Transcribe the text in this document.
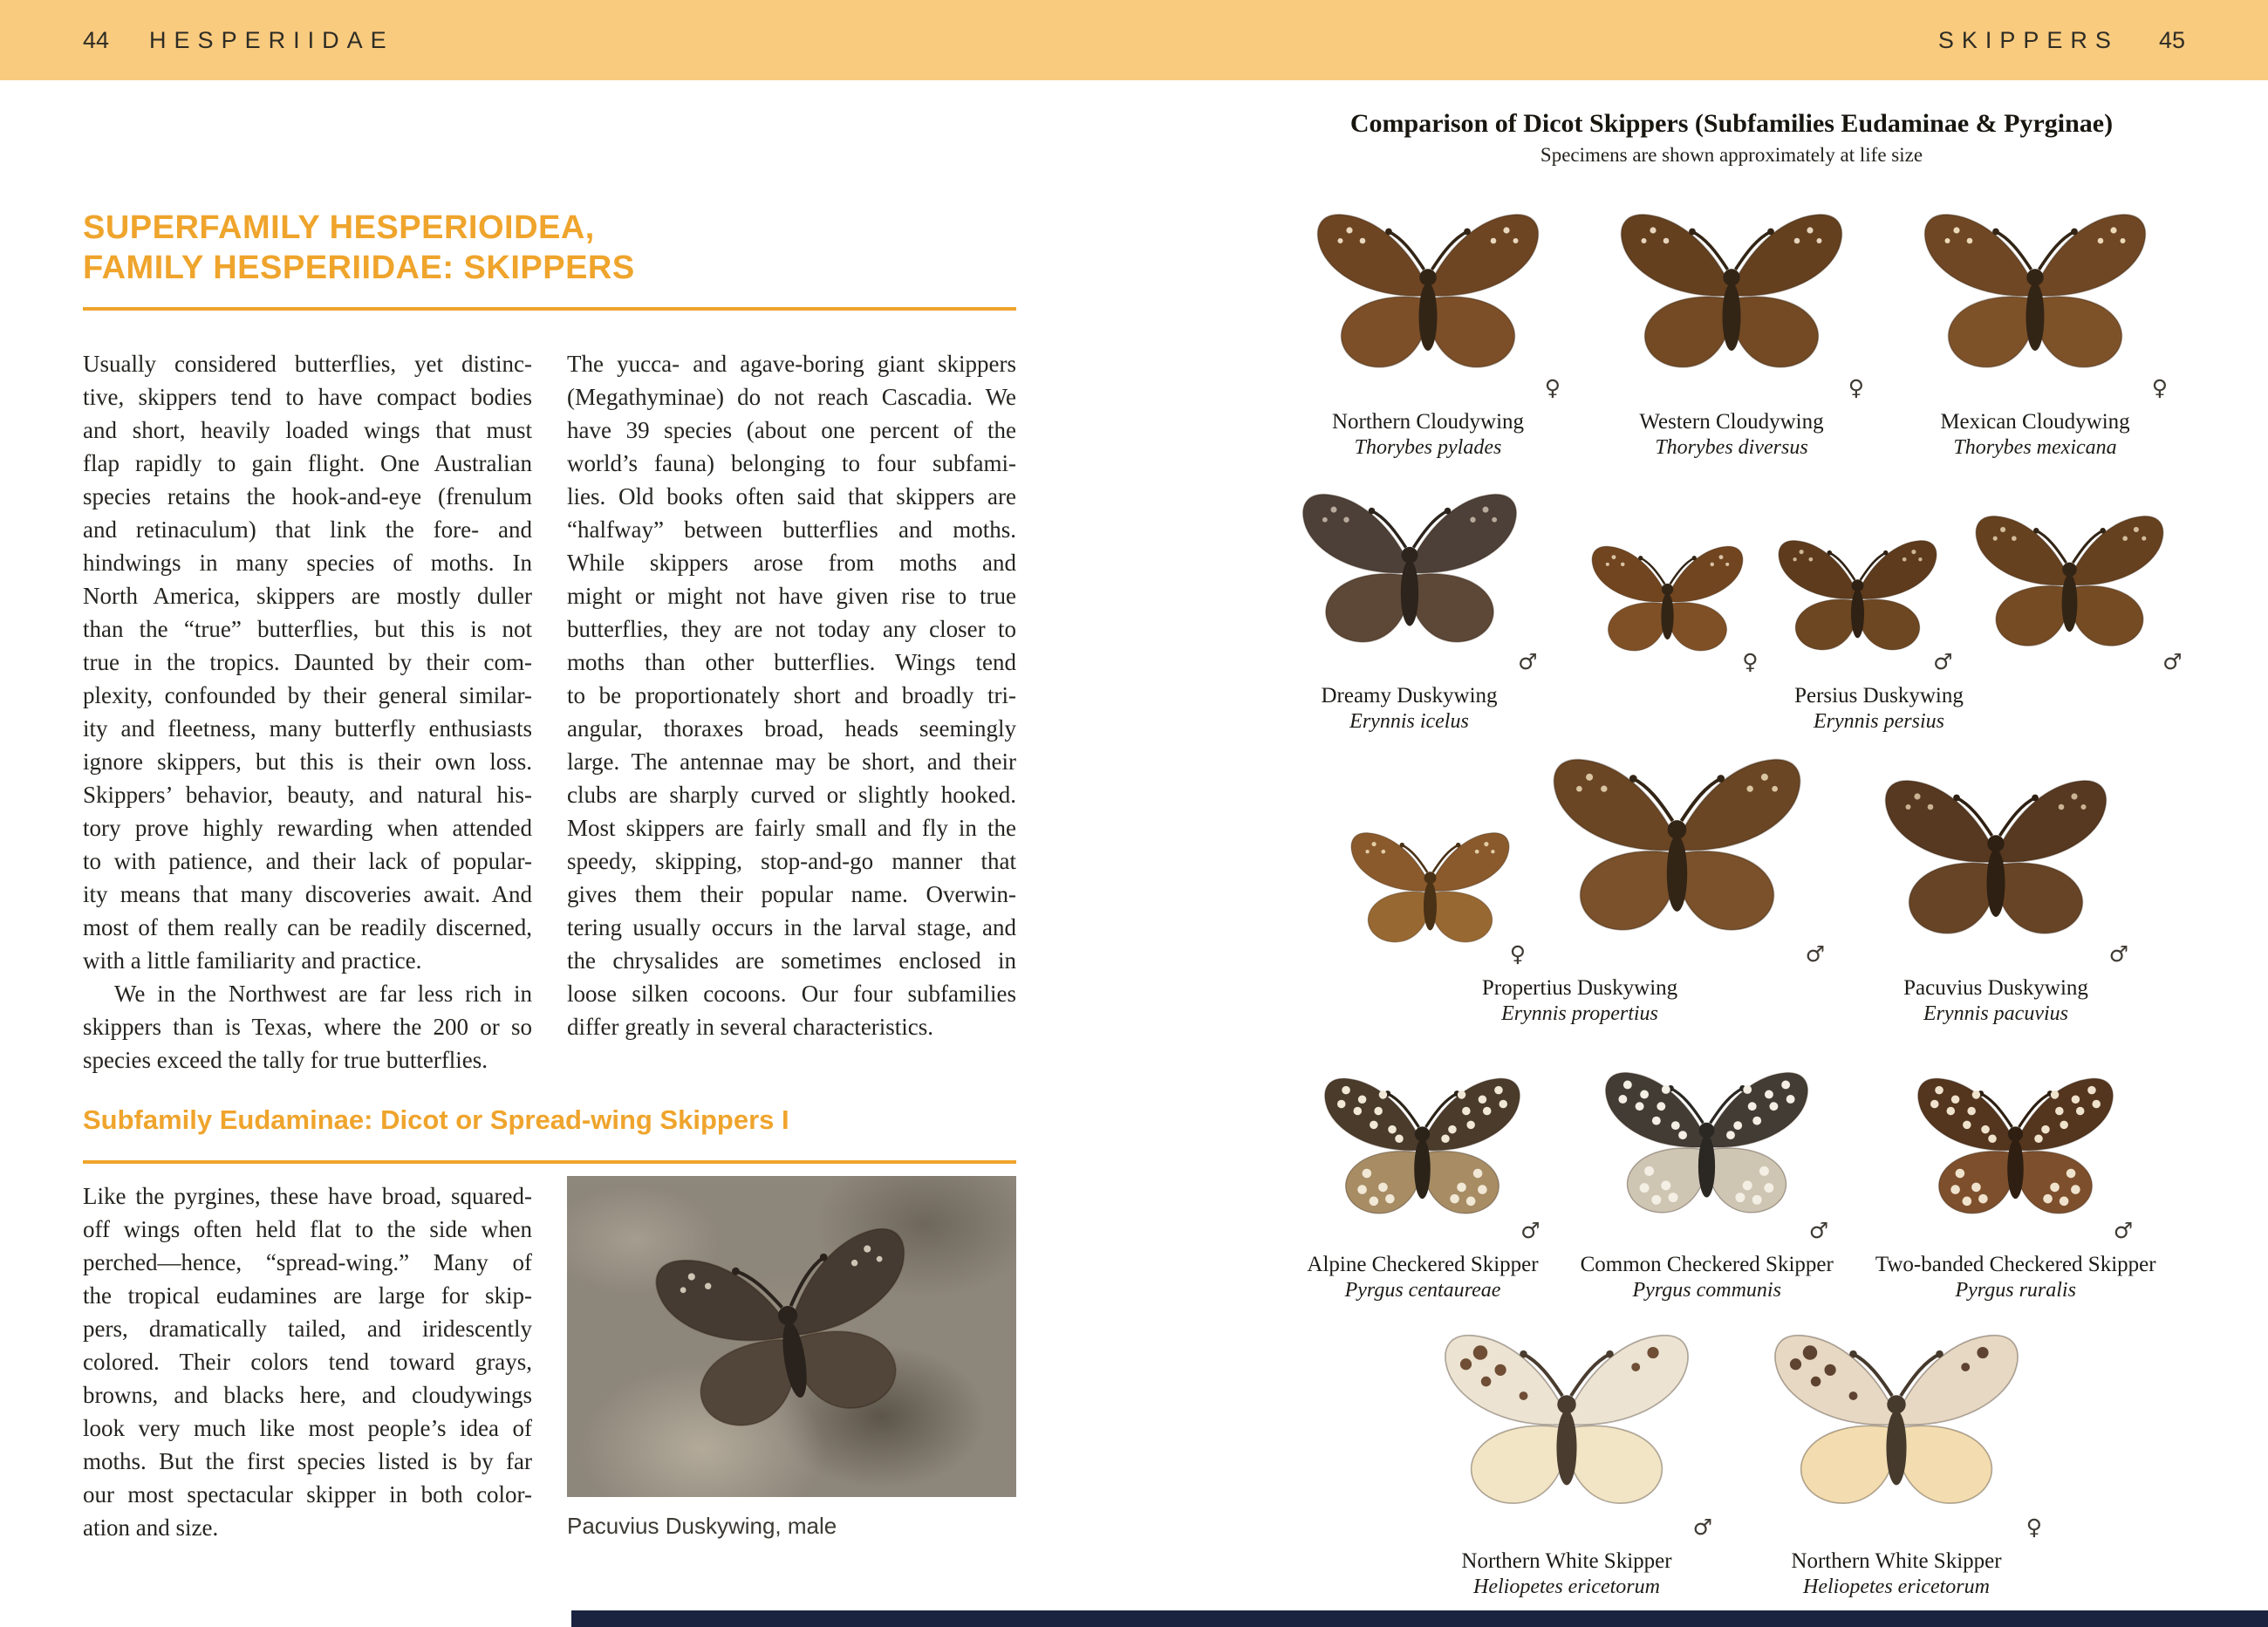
44 HESPERIIDAE	SKIPPERS 45
SUPERFAMILY HESPERIOIDEA,
FAMILY HESPERIIDAE: SKIPPERS
Usually considered butterflies, yet distinc-
tive, skippers tend to have compact bodies
and short, heavily loaded wings that must
flap rapidly to gain flight. One Australian
species retains the hook-and-eye (frenulum
and retinaculum) that link the fore- and
hindwings in many species of moths. In
North America, skippers are mostly duller
than the “true” butterflies, but this is not
true in the tropics. Daunted by their com-
plexity, confounded by their general similar-
ity and fleetness, many butterfly enthusiasts
ignore skippers, but this is their own loss.
Skippers’ behavior, beauty, and natural his-
tory prove highly rewarding when attended
to with patience, and their lack of popular-
ity means that many discoveries await. And
most of them really can be readily discerned,
with a little familiarity and practice.
We in the Northwest are far less rich in
skippers than is Texas, where the 200 or so
species exceed the tally for true butterflies.
The yucca- and agave-boring giant skippers
(Megathyminae) do not reach Cascadia. We
have 39 species (about one percent of the
world’s fauna) belonging to four subfami-
lies. Old books often said that skippers are
“halfway” between butterflies and moths.
While skippers arose from moths and
might or might not have given rise to true
butterflies, they are not today any closer to
moths than other butterflies. Wings tend
to be proportionately short and broadly tri-
angular, thoraxes broad, heads seemingly
large. The antennae may be short, and their
clubs are sharply curved or slightly hooked.
Most skippers are fairly small and fly in the
speedy, skipping, stop-and-go manner that
gives them their popular name. Overwin-
tering usually occurs in the larval stage, and
the chrysalides are sometimes enclosed in
loose silken cocoons. Our four subfamilies
differ greatly in several characteristics.
Subfamily Eudaminae: Dicot or Spread-wing Skippers I
Like the pyrgines, these have broad, squared-
off wings often held flat to the side when
perched—hence, “spread-wing.” Many of
the tropical eudamines are large for skip-
pers, dramatically tailed, and iridescently
colored. Their colors tend toward grays,
browns, and blacks here, and cloudywings
look very much like most people’s idea of
moths. But the first species listed is by far
our most spectacular skipper in both color-
ation and size.	Pacuvius Duskywing, male
Comparison of Dicot Skippers (Subfamilies Eudaminae & Pyrginae)
Specimens are shown approximately at life size
♀
Northern Cloudywing
Thorybes pylades
♀
Western Cloudywing
Thorybes diversus
♀
Mexican Cloudywing
Thorybes mexicana
♂
Dreamy Duskywing
Erynnis icelus
♀	♂	♂
Persius Duskywing
Erynnis persius
♀	♂
Propertius Duskywing
Erynnis propertius
♂
Pacuvius Duskywing
Erynnis pacuvius
♂
Alpine Checkered Skipper
Pyrgus centaureae
♂
Common Checkered Skipper
Pyrgus communis
♂
Two-banded Checkered Skipper
Pyrgus ruralis
♂
Northern White Skipper
Heliopetes ericetorum
♀
Northern White Skipper
Heliopetes ericetorum
